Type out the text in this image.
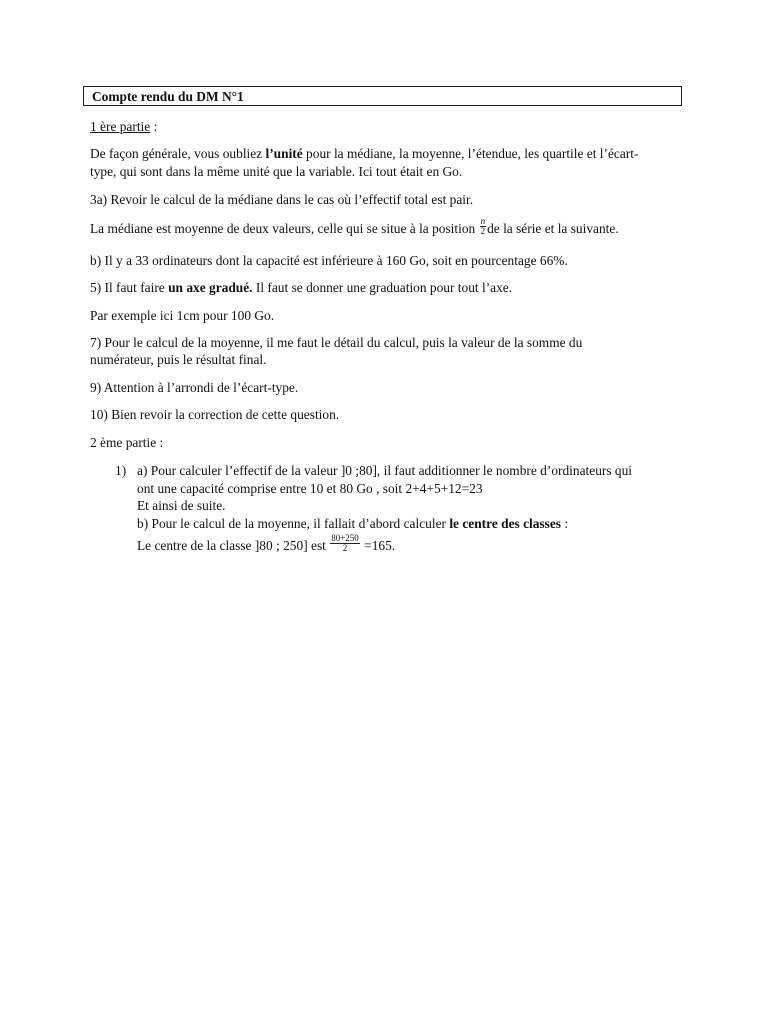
Compte rendu du DM N°1
1 ère partie :
De façon générale, vous oubliez l’unité pour la médiane, la moyenne, l’étendue, les quartile et l’écart-
type, qui sont dans la même unité que la variable. Ici tout était en Go.
3a) Revoir le calcul de la médiane dans le cas où l’effectif total est pair.
La médiane est moyenne de deux valeurs, celle qui se situe à la position $\frac{n}{2}$ de la série et la suivante.
b) Il y a 33 ordinateurs dont la capacité est inférieure à 160 Go, soit en pourcentage 66%.
5) Il faut faire un axe gradué. Il faut se donner une graduation pour tout l’axe.
Par exemple ici 1cm pour 100 Go.
7) Pour le calcul de la moyenne, il me faut le détail du calcul, puis la valeur de la somme du
numérateur, puis le résultat final.
9) Attention à l’arrondi de l’écart-type.
10) Bien revoir la correction de cette question.
2 ème partie :
1) a) Pour calculer l’effectif de la valeur ]0 ;80], il faut additionner le nombre d’ordinateurs qui
ont une capacité comprise entre 10 et 80 Go , soit 2+4+5+12=23
Et ainsi de suite.
b) Pour le calcul de la moyenne, il fallait d’abord calculer le centre des classes :
Le centre de la classe ]80 ; 250] est $\frac{80+250}{2} =165$.
